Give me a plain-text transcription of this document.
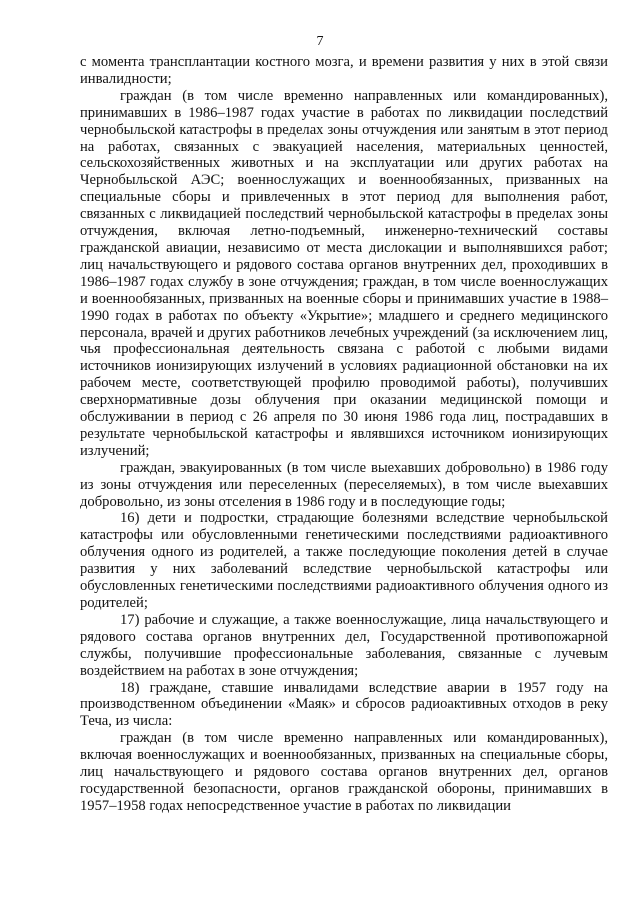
7

с момента трансплантации костного мозга, и времени развития у них в этой связи инвалидности;

граждан (в том числе временно направленных или командированных), принимавших в 1986–1987 годах участие в работах по ликвидации последствий чернобыльской катастрофы в пределах зоны отчуждения или занятым в этот период на работах, связанных с эвакуацией населения, материальных ценностей, сельскохозяйственных животных и на эксплуатации или других работах на Чернобыльской АЭС; военнослужащих и военнообязанных, призванных на специальные сборы и привлеченных в этот период для выполнения работ, связанных с ликвидацией последствий чернобыльской катастрофы в пределах зоны отчуждения, включая летно-подъемный, инженерно-технический составы гражданской авиации, независимо от места дислокации и выполнявшихся работ; лиц начальствующего и рядового состава органов внутренних дел, проходивших в 1986–1987 годах службу в зоне отчуждения; граждан, в том числе военнослужащих и военнообязанных, призванных на военные сборы и принимавших участие в 1988–1990 годах в работах по объекту «Укрытие»; младшего и среднего медицинского персонала, врачей и других работников лечебных учреждений (за исключением лиц, чья профессиональная деятельность связана с работой с любыми видами источников ионизирующих излучений в условиях радиационной обстановки на их рабочем месте, соответствующей профилю проводимой работы), получивших сверхнормативные дозы облучения при оказании медицинской помощи и обслуживании в период с 26 апреля по 30 июня 1986 года лиц, пострадавших в результате чернобыльской катастрофы и являвшихся источником ионизирующих излучений;

граждан, эвакуированных (в том числе выехавших добровольно) в 1986 году из зоны отчуждения или переселенных (переселяемых), в том числе выехавших добровольно, из зоны отселения в 1986 году и в последующие годы;

16) дети и подростки, страдающие болезнями вследствие чернобыльской катастрофы или обусловленными генетическими последствиями радиоактивного облучения одного из родителей, а также последующие поколения детей в случае развития у них заболеваний вследствие чернобыльской катастрофы или обусловленных генетическими последствиями радиоактивного облучения одного из родителей;

17) рабочие и служащие, а также военнослужащие, лица начальствующего и рядового состава органов внутренних дел, Государственной противопожарной службы, получившие профессиональные заболевания, связанные с лучевым воздействием на работах в зоне отчуждения;

18) граждане, ставшие инвалидами вследствие аварии в 1957 году на производственном объединении «Маяк» и сбросов радиоактивных отходов в реку Теча, из числа:

граждан (в том числе временно направленных или командированных), включая военнослужащих и военнообязанных, призванных на специальные сборы, лиц начальствующего и рядового состава органов внутренних дел, органов государственной безопасности, органов гражданской обороны, принимавших в 1957–1958 годах непосредственное участие в работах по ликвидации
